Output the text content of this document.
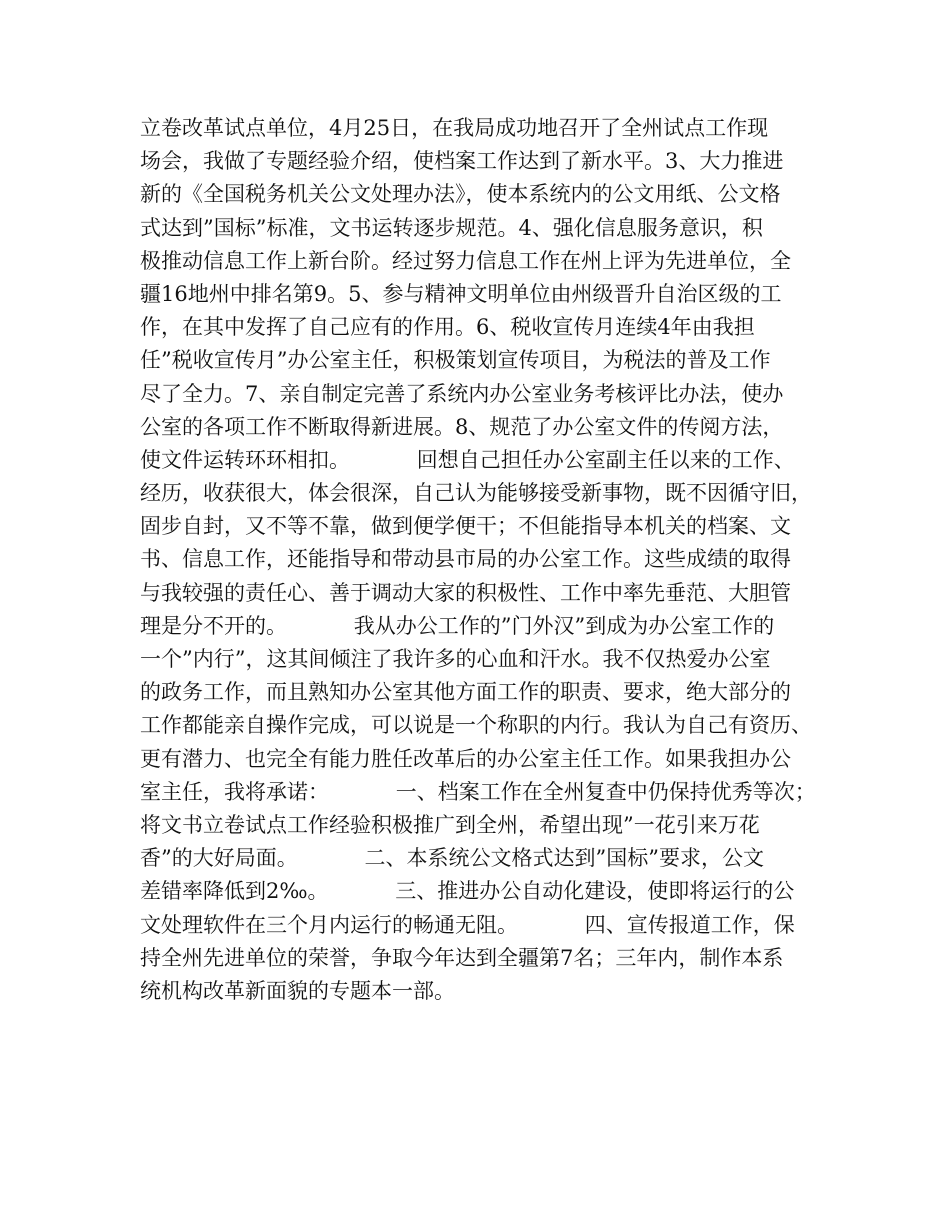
立卷改革试点单位，4月25日，在我局成功地召开了全州试点工作现

场会，我做了专题经验介绍，使档案工作达到了新水平。3、大力推进

新的《全国税务机关公文处理办法》，使本系统内的公文用纸、公文格

式达到”国标”标准，文书运转逐步规范。4、强化信息服务意识，积

极推动信息工作上新台阶。经过努力信息工作在州上评为先进单位，全

疆16地州中排名第9。5、参与精神文明单位由州级晋升自治区级的工

作，在其中发挥了自己应有的作用。6、税收宣传月连续4年由我担

任”税收宣传月”办公室主任，积极策划宣传项目，为税法的普及工作

尽了全力。7、亲自制定完善了系统内办公室业务考核评比办法，使办

公室的各项工作不断取得新进展。8、规范了办公室文件的传阅方法，

使文件运转环环相扣。          回想自己担任办公室副主任以来的工作、

经历，收获很大，体会很深，自己认为能够接受新事物，既不因循守旧，

固步自封，又不等不靠，做到便学便干；不但能指导本机关的档案、文

书、信息工作，还能指导和带动县市局的办公室工作。这些成绩的取得

与我较强的责任心、善于调动大家的积极性、工作中率先垂范、大胆管

理是分不开的。          我从办公工作的”门外汉”到成为办公室工作的

一个”内行”，这其间倾注了我许多的心血和汗水。我不仅热爱办公室

的政务工作，而且熟知办公室其他方面工作的职责、要求，绝大部分的

工作都能亲自操作完成，可以说是一个称职的内行。我认为自己有资历、

更有潜力、也完全有能力胜任改革后的办公室主任工作。如果我担办公

室主任，我将承诺：          一、档案工作在全州复查中仍保持优秀等次；

将文书立卷试点工作经验积极推广到全州，希望出现”一花引来万花

香”的大好局面。          二、本系统公文格式达到”国标”要求，公文

差错率降低到2‰。          三、推进办公自动化建设，使即将运行的公

文处理软件在三个月内运行的畅通无阻。          四、宣传报道工作，保

持全州先进单位的荣誉，争取今年达到全疆第7名；三年内，制作本系

统机构改革新面貌的专题本一部。
